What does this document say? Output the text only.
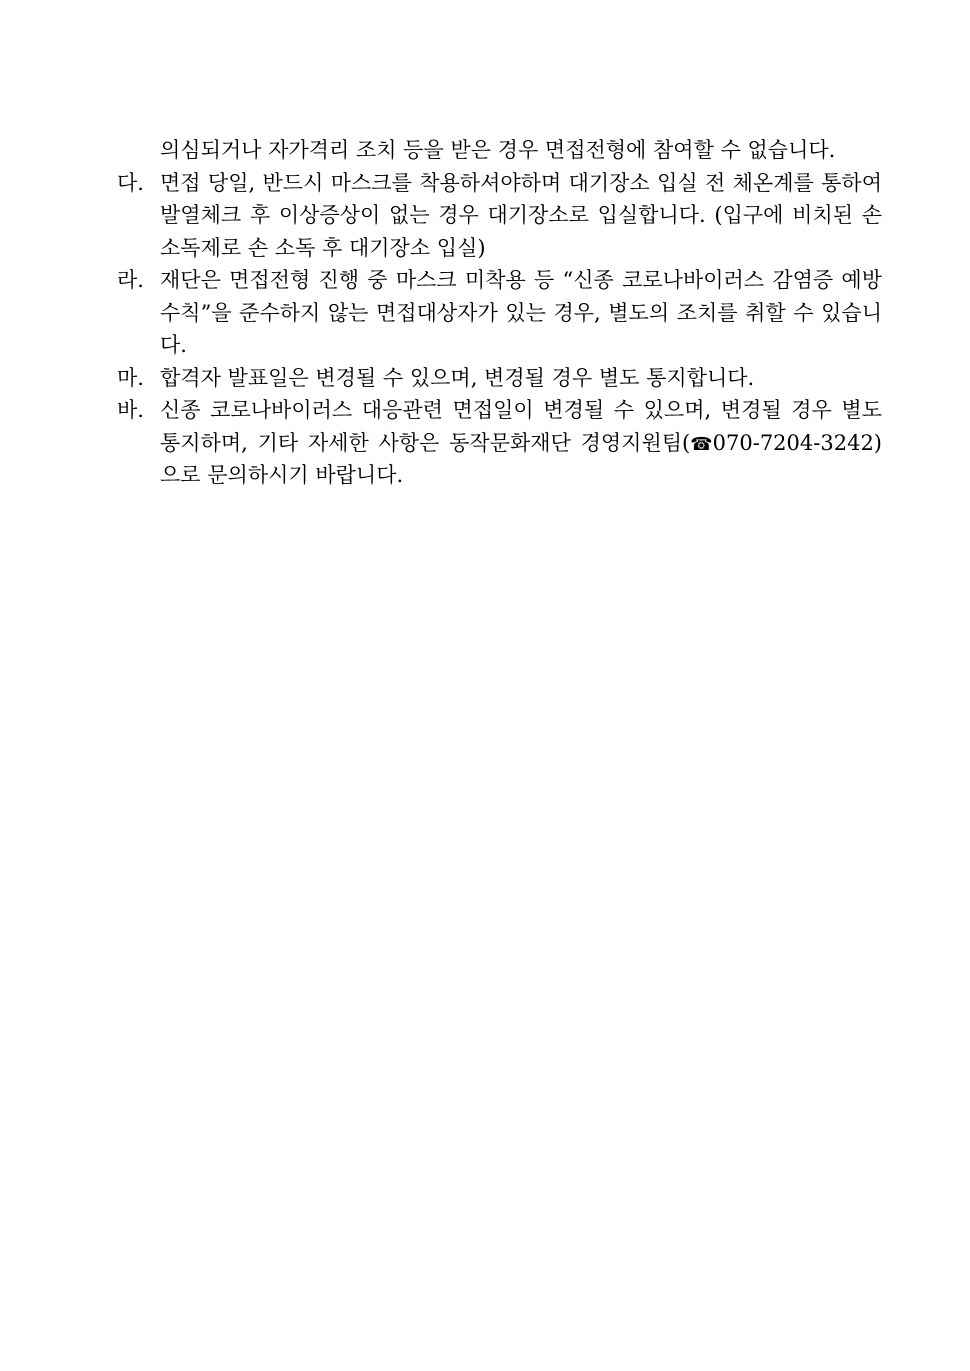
의심되거나 자가격리 조치 등을 받은 경우 면접전형에 참여할 수 없습니다.

다. 면접 당일, 반드시 마스크를 착용하셔야하며 대기장소 입실 전 체온계를 통하여 발열체크 후 이상증상이 없는 경우 대기장소로 입실합니다. (입구에 비치된 손 소독제로 손 소독 후 대기장소 입실)

라. 재단은 면접전형 진행 중 마스크 미착용 등 “신종 코로나바이러스 감염증 예방수칙”을 준수하지 않는 면접대상자가 있는 경우, 별도의 조치를 취할 수 있습니다.

마. 합격자 발표일은 변경될 수 있으며, 변경될 경우 별도 통지합니다.

바. 신종 코로나바이러스 대응관련 면접일이 변경될 수 있으며, 변경될 경우 별도 통지하며, 기타 자세한 사항은 동작문화재단 경영지원팀(☎070-7204-3242)으로 문의하시기 바랍니다.
